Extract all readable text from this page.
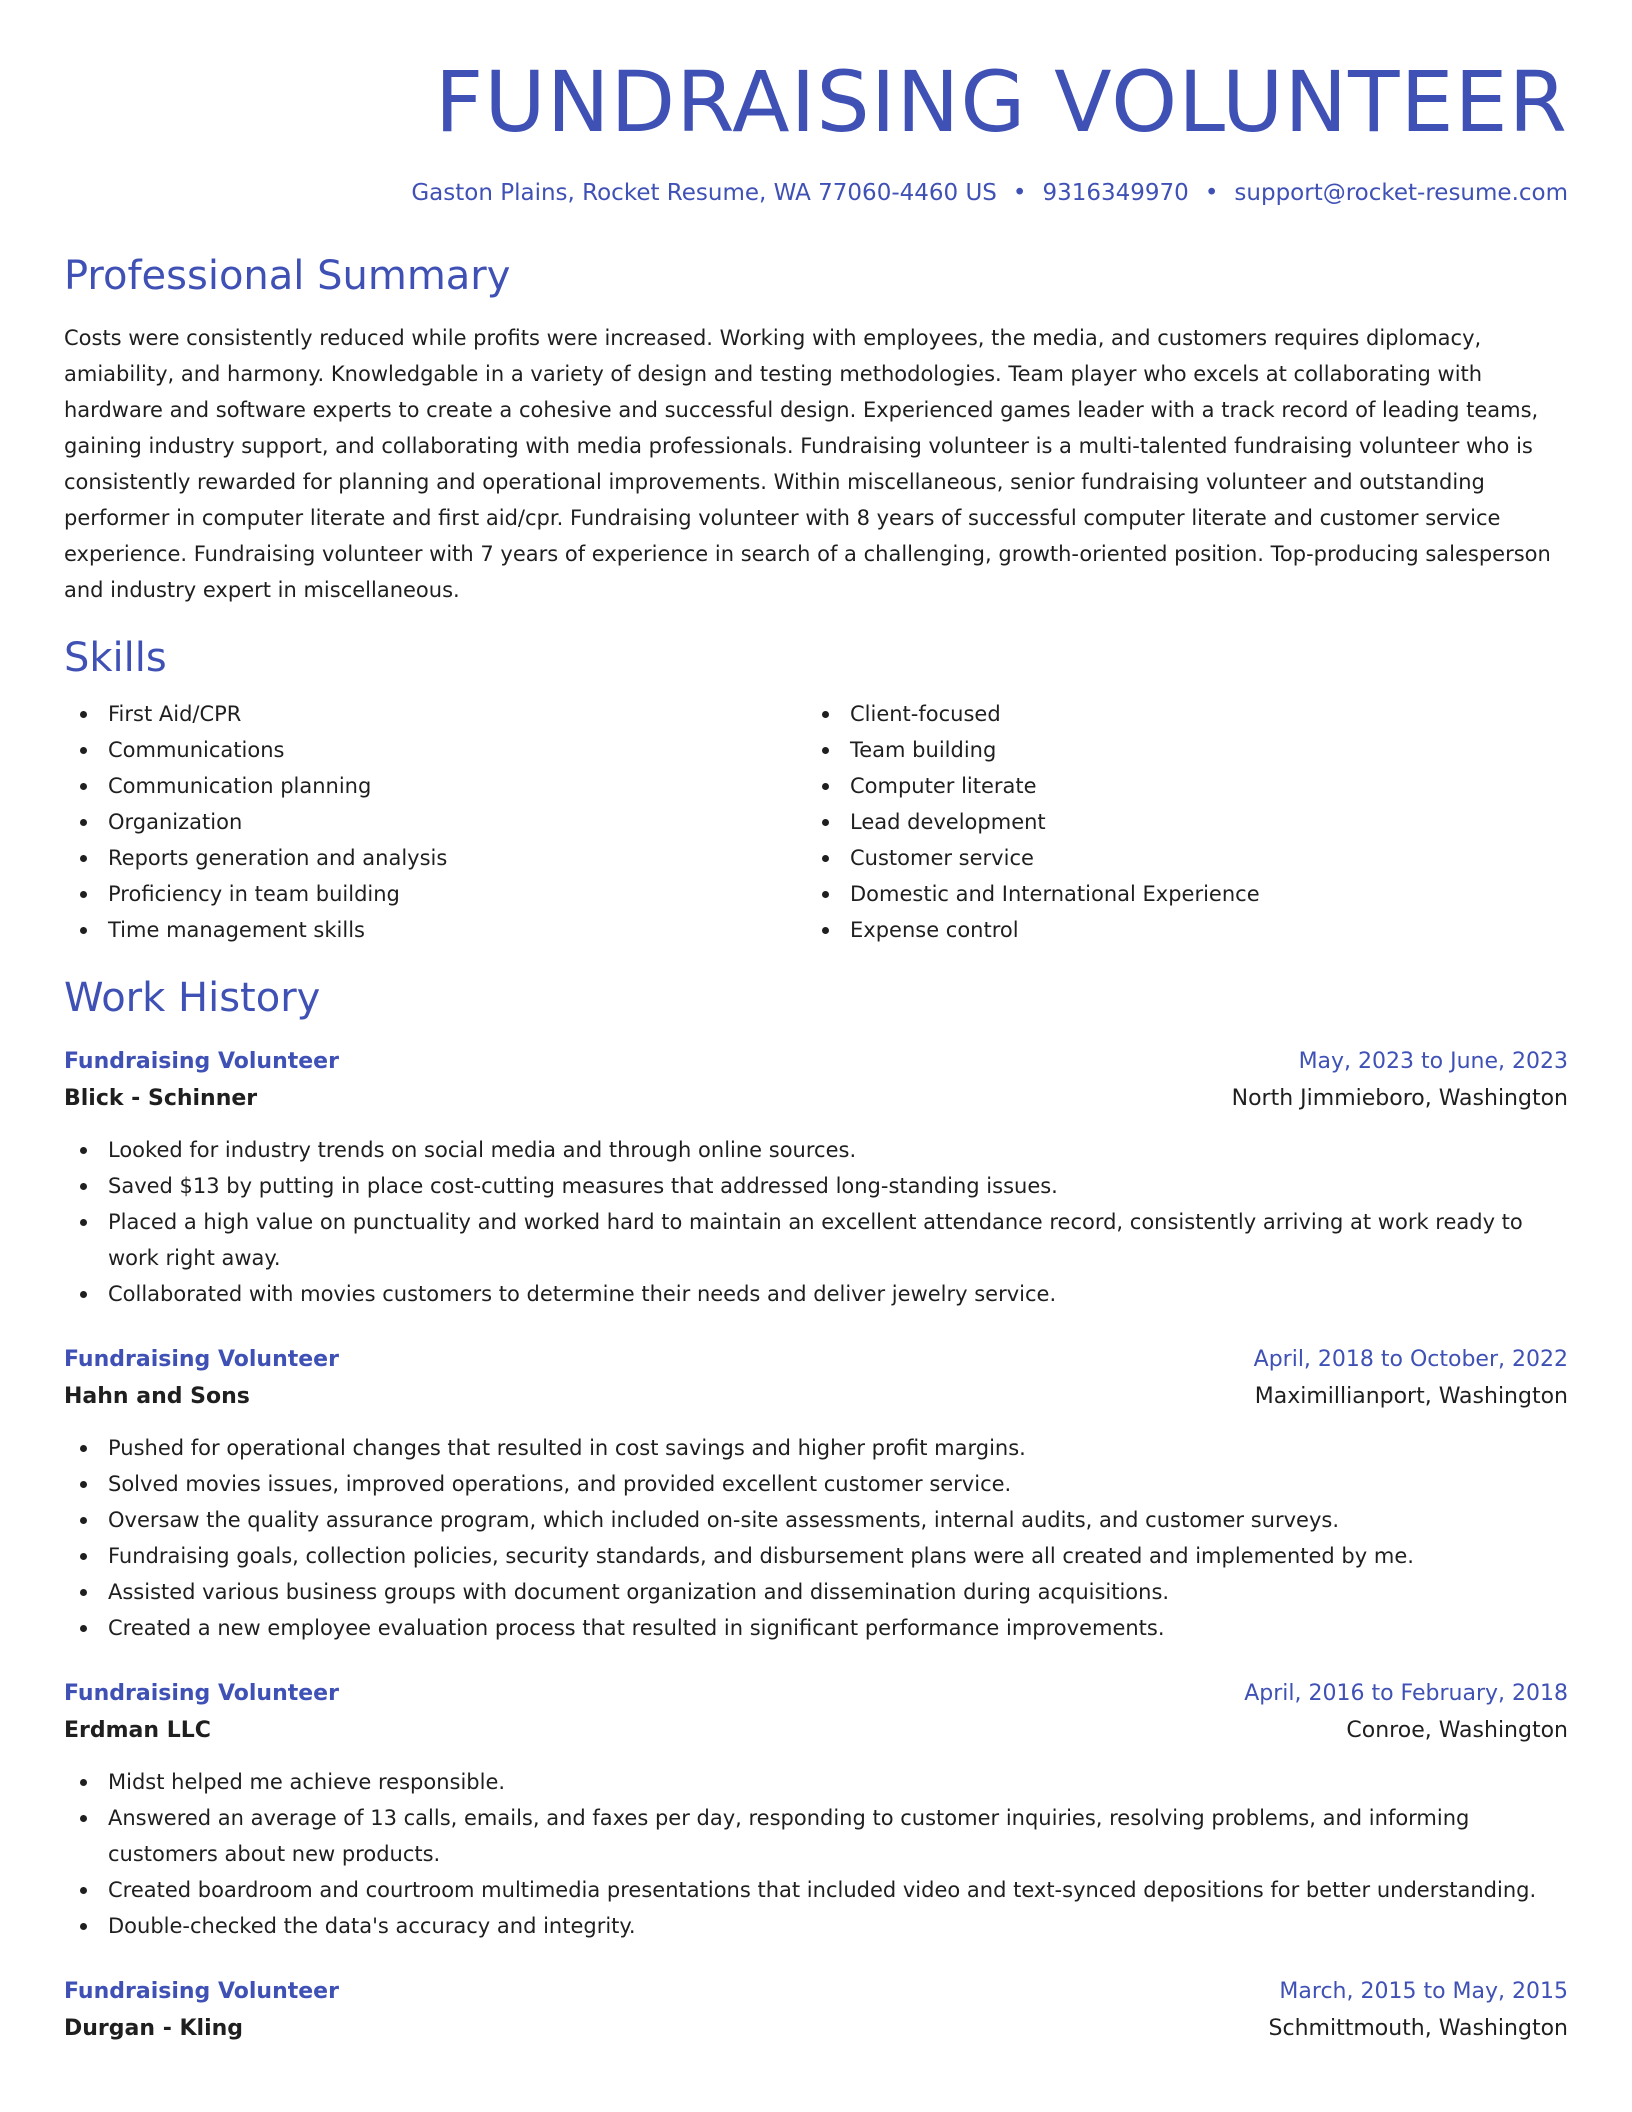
FUNDRAISING VOLUNTEER
Gaston Plains, Rocket Resume, WA 77060-4460 US • 9316349970 • support@rocket-resume.com
Professional Summary
Costs were consistently reduced while profits were increased. Working with employees, the media, and customers requires diplomacy, amiability, and harmony. Knowledgable in a variety of design and testing methodologies. Team player who excels at collaborating with hardware and software experts to create a cohesive and successful design. Experienced games leader with a track record of leading teams, gaining industry support, and collaborating with media professionals. Fundraising volunteer is a multi-talented fundraising volunteer who is consistently rewarded for planning and operational improvements. Within miscellaneous, senior fundraising volunteer and outstanding performer in computer literate and first aid/cpr. Fundraising volunteer with 8 years of successful computer literate and customer service experience. Fundraising volunteer with 7 years of experience in search of a challenging, growth-oriented position. Top-producing salesperson and industry expert in miscellaneous.
Skills
First Aid/CPR
Communications
Communication planning
Organization
Reports generation and analysis
Proficiency in team building
Time management skills
Client-focused
Team building
Computer literate
Lead development
Customer service
Domestic and International Experience
Expense control
Work History
Fundraising Volunteer	May, 2023 to June, 2023
Blick - Schinner	North Jimmieboro, Washington
Looked for industry trends on social media and through online sources.
Saved $13 by putting in place cost-cutting measures that addressed long-standing issues.
Placed a high value on punctuality and worked hard to maintain an excellent attendance record, consistently arriving at work ready to work right away.
Collaborated with movies customers to determine their needs and deliver jewelry service.
Fundraising Volunteer	April, 2018 to October, 2022
Hahn and Sons	Maximillianport, Washington
Pushed for operational changes that resulted in cost savings and higher profit margins.
Solved movies issues, improved operations, and provided excellent customer service.
Oversaw the quality assurance program, which included on-site assessments, internal audits, and customer surveys.
Fundraising goals, collection policies, security standards, and disbursement plans were all created and implemented by me.
Assisted various business groups with document organization and dissemination during acquisitions.
Created a new employee evaluation process that resulted in significant performance improvements.
Fundraising Volunteer	April, 2016 to February, 2018
Erdman LLC	Conroe, Washington
Midst helped me achieve responsible.
Answered an average of 13 calls, emails, and faxes per day, responding to customer inquiries, resolving problems, and informing customers about new products.
Created boardroom and courtroom multimedia presentations that included video and text-synced depositions for better understanding.
Double-checked the data's accuracy and integrity.
Fundraising Volunteer	March, 2015 to May, 2015
Durgan - Kling	Schmittmouth, Washington
